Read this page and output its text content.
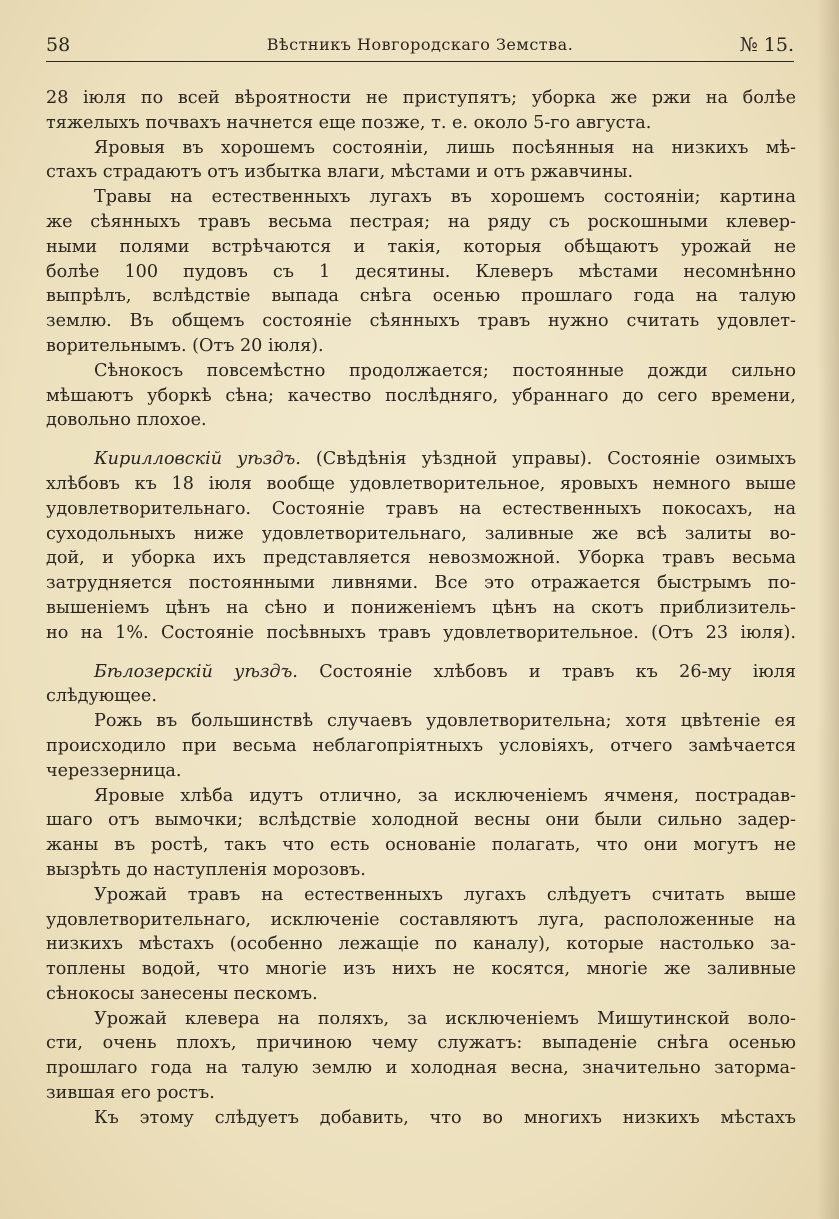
58	Вѣстникъ Новгородскаго Земства.	№ 15.
28 іюля по всей вѣроятности не приступятъ; уборка же ржи на болѣе
тяжелыхъ почвахъ начнется еще позже, т. е. около 5-го августа.
Яровыя въ хорошемъ состояніи, лишь посѣянныя на низкихъ мѣ-
стахъ страдаютъ отъ избытка влаги, мѣстами и отъ ржавчины.
Травы на естественныхъ лугахъ въ хорошемъ состояніи; картина
же сѣянныхъ травъ весьма пестрая; на ряду съ роскошными клевер-
ными полями встрѣчаются и такія, которыя обѣщаютъ урожай не
болѣе 100 пудовъ съ 1 десятины. Клеверъ мѣстами несомнѣнно
выпрѣлъ, вслѣдствіе выпада снѣга осенью прошлаго года на талую
землю. Въ общемъ состояніе сѣянныхъ травъ нужно считать удовлет-
ворительнымъ. (Отъ 20 іюля).
Сѣнокосъ повсемѣстно продолжается; постоянные дожди сильно
мѣшаютъ уборкѣ сѣна; качество послѣдняго, убраннаго до сего времени,
довольно плохое.
Кирилловскій уѣздъ. (Свѣдѣнія уѣздной управы). Состояніе озимыхъ
хлѣбовъ къ 18 іюля вообще удовлетворительное, яровыхъ немного выше
удовлетворительнаго. Состояніе травъ на естественныхъ покосахъ, на
суходольныхъ ниже удовлетворительнаго, заливные же всѣ залиты во-
дой, и уборка ихъ представляется невозможной. Уборка травъ весьма
затрудняется постоянными ливнями. Все это отражается быстрымъ по-
вышеніемъ цѣнъ на сѣно и пониженіемъ цѣнъ на скотъ приблизитель-
но на 1%. Состояніе посѣвныхъ травъ удовлетворительное. (Отъ 23 іюля).
Бѣлозерскій уѣздъ. Состояніе хлѣбовъ и травъ къ 26-му іюля
слѣдующее.
Рожь въ большинствѣ случаевъ удовлетворительна; хотя цвѣтеніе ея
происходило при весьма неблагопріятныхъ условіяхъ, отчего замѣчается
череззерница.
Яровые хлѣба идутъ отлично, за исключеніемъ ячменя, пострадав-
шаго отъ вымочки; вслѣдствіе холодной весны они были сильно задер-
жаны въ ростѣ, такъ что есть основаніе полагать, что они могутъ не
вызрѣть до наступленія морозовъ.
Урожай травъ на естественныхъ лугахъ слѣдуетъ считать выше
удовлетворительнаго, исключеніе составляютъ луга, расположенные на
низкихъ мѣстахъ (особенно лежащіе по каналу), которые настолько за-
топлены водой, что многіе изъ нихъ не косятся, многіе же заливные
сѣнокосы занесены пескомъ.
Урожай клевера на поляхъ, за исключеніемъ Мишутинской воло-
сти, очень плохъ, причиною чему служатъ: выпаденіе снѣга осенью
прошлаго года на талую землю и холодная весна, значительно затормa-
зившая его ростъ.
Къ этому слѣдуетъ добавить, что во многихъ низкихъ мѣстахъ
